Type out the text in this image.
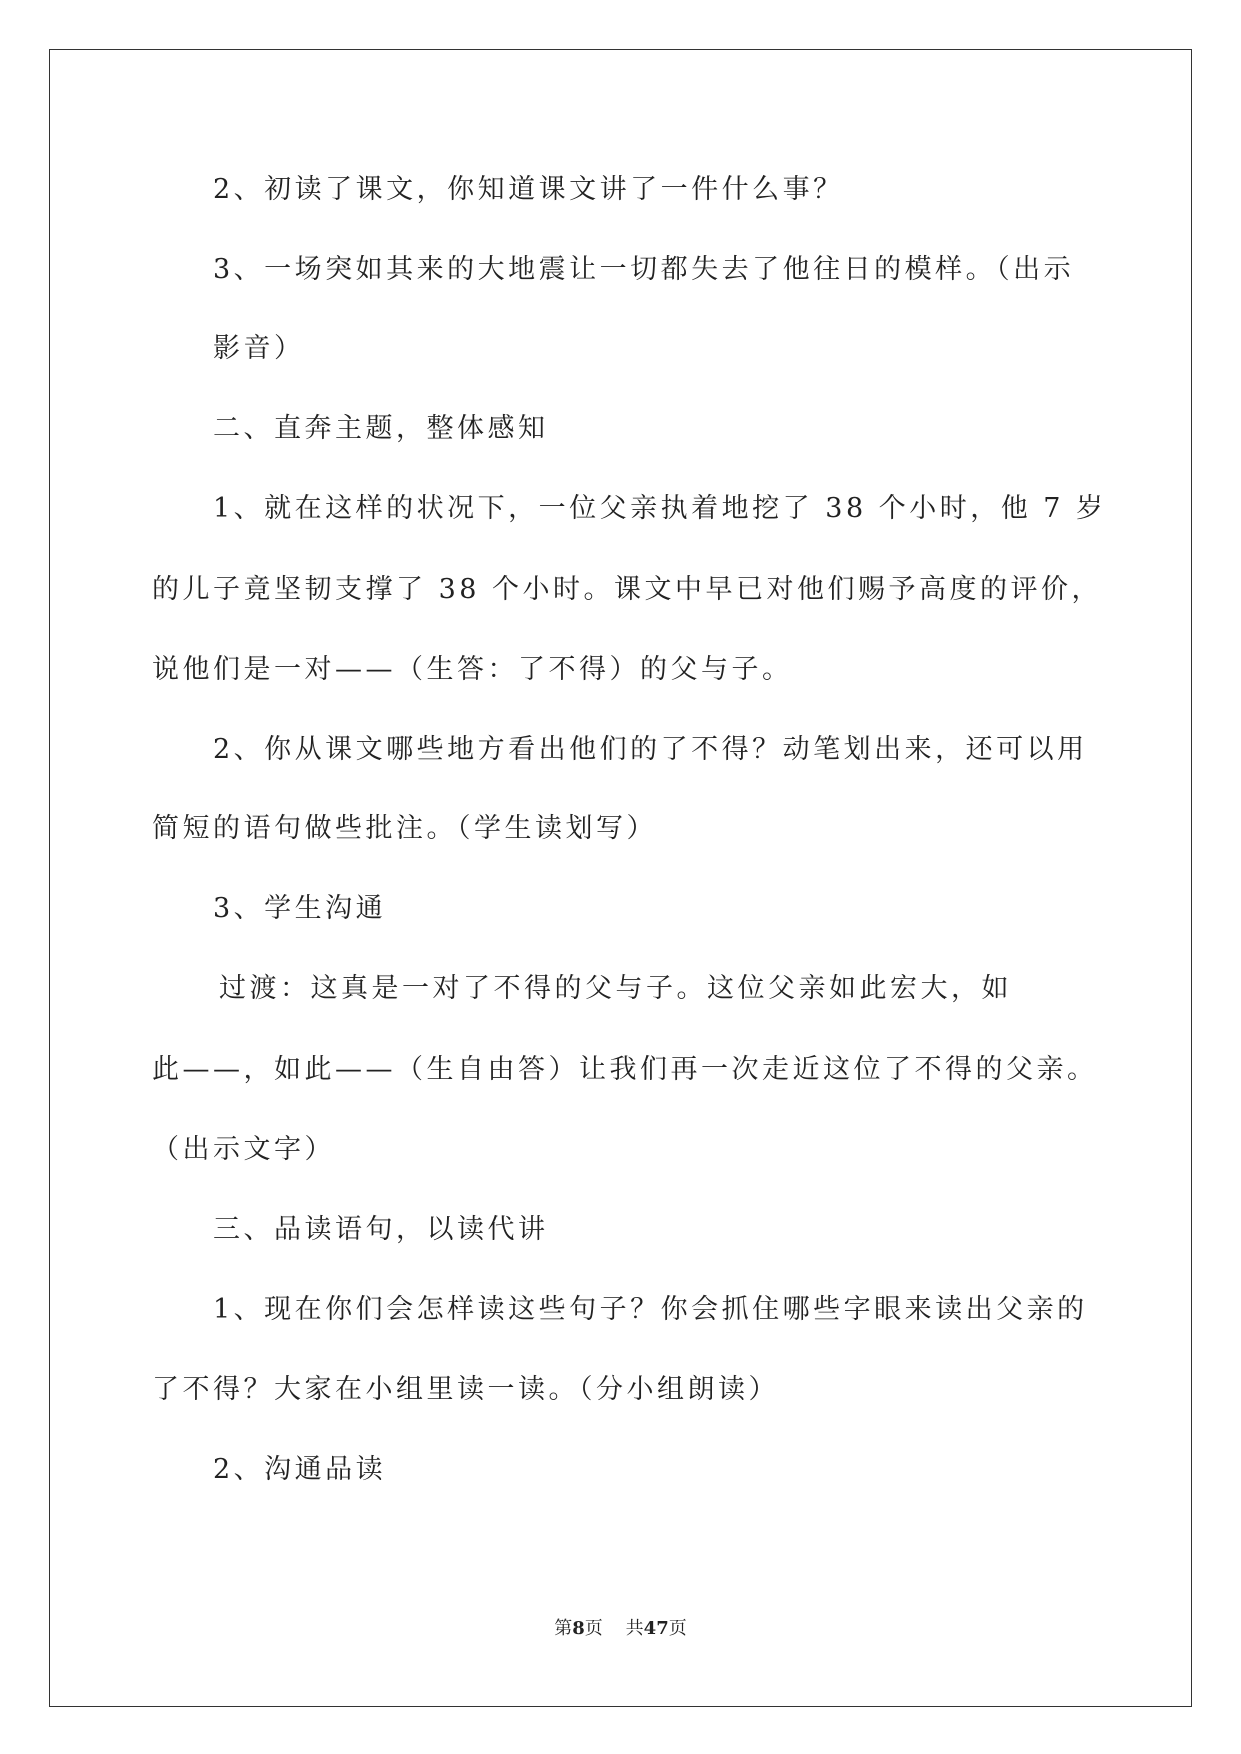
2、初读了课文，你知道课文讲了一件什么事？
3、一场突如其来的大地震让一切都失去了他往日的模样。（出示
影音）
二、直奔主题，整体感知
1、就在这样的状况下，一位父亲执着地挖了 38 个小时，他 7 岁
的儿子竟坚韧支撑了 38 个小时。课文中早已对他们赐予高度的评价，
说他们是一对——（生答：了不得）的父与子。
2、你从课文哪些地方看出他们的了不得？动笔划出来，还可以用
简短的语句做些批注。（学生读划写）
3、学生沟通
过渡：这真是一对了不得的父与子。这位父亲如此宏大，如
此——，如此——（生自由答）让我们再一次走近这位了不得的父亲。
（出示文字）
三、品读语句，以读代讲
1、现在你们会怎样读这些句子？你会抓住哪些字眼来读出父亲的
了不得？大家在小组里读一读。（分小组朗读）
2、沟通品读
第8页 共47页
